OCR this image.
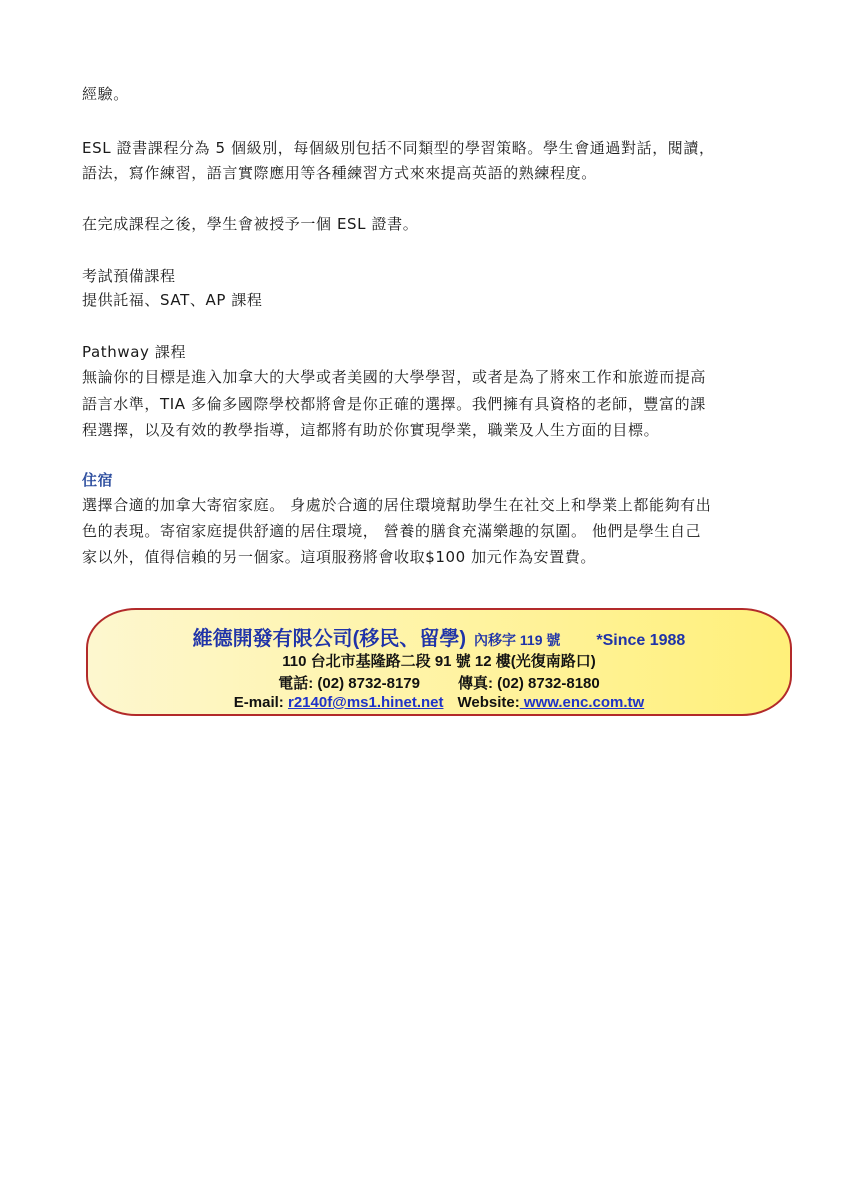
經驗。

ESL 證書課程分為 5 個級別，每個級別包括不同類型的學習策略。學生會通過對話，閱讀，

語法，寫作練習，語言實際應用等各種練習方式來來提高英語的熟練程度。

在完成課程之後，學生會被授予一個 ESL 證書。

考試預備課程

提供託福、SAT、AP 課程

Pathway 課程

無論你的目標是進入加拿大的大學或者美國的大學學習，或者是為了將來工作和旅遊而提高

語言水準，TIA 多倫多國際學校都將會是你正確的選擇。我們擁有具資格的老師，豐富的課

程選擇，以及有效的教學指導，這都將有助於你實現學業，職業及人生方面的目標。

住宿

選擇合適的加拿大寄宿家庭。 身處於合適的居住環境幫助學生在社交上和學業上都能夠有出

色的表現。寄宿家庭提供舒適的居住環境， 營養的膳食充滿樂趣的氛圍。 他們是學生自己

家以外，值得信賴的另一個家。這項服務將會收取$100 加元作為安置費。

維德開發有限公司(移民、留學) 內移字 119 號 *Since 1988
110 台北市基隆路二段 91 號 12 樓(光復南路口)
電話: (02) 8732-8179	傳真: (02) 8732-8180
E-mail: r2140f@ms1.hinet.net Website: www.enc.com.tw
